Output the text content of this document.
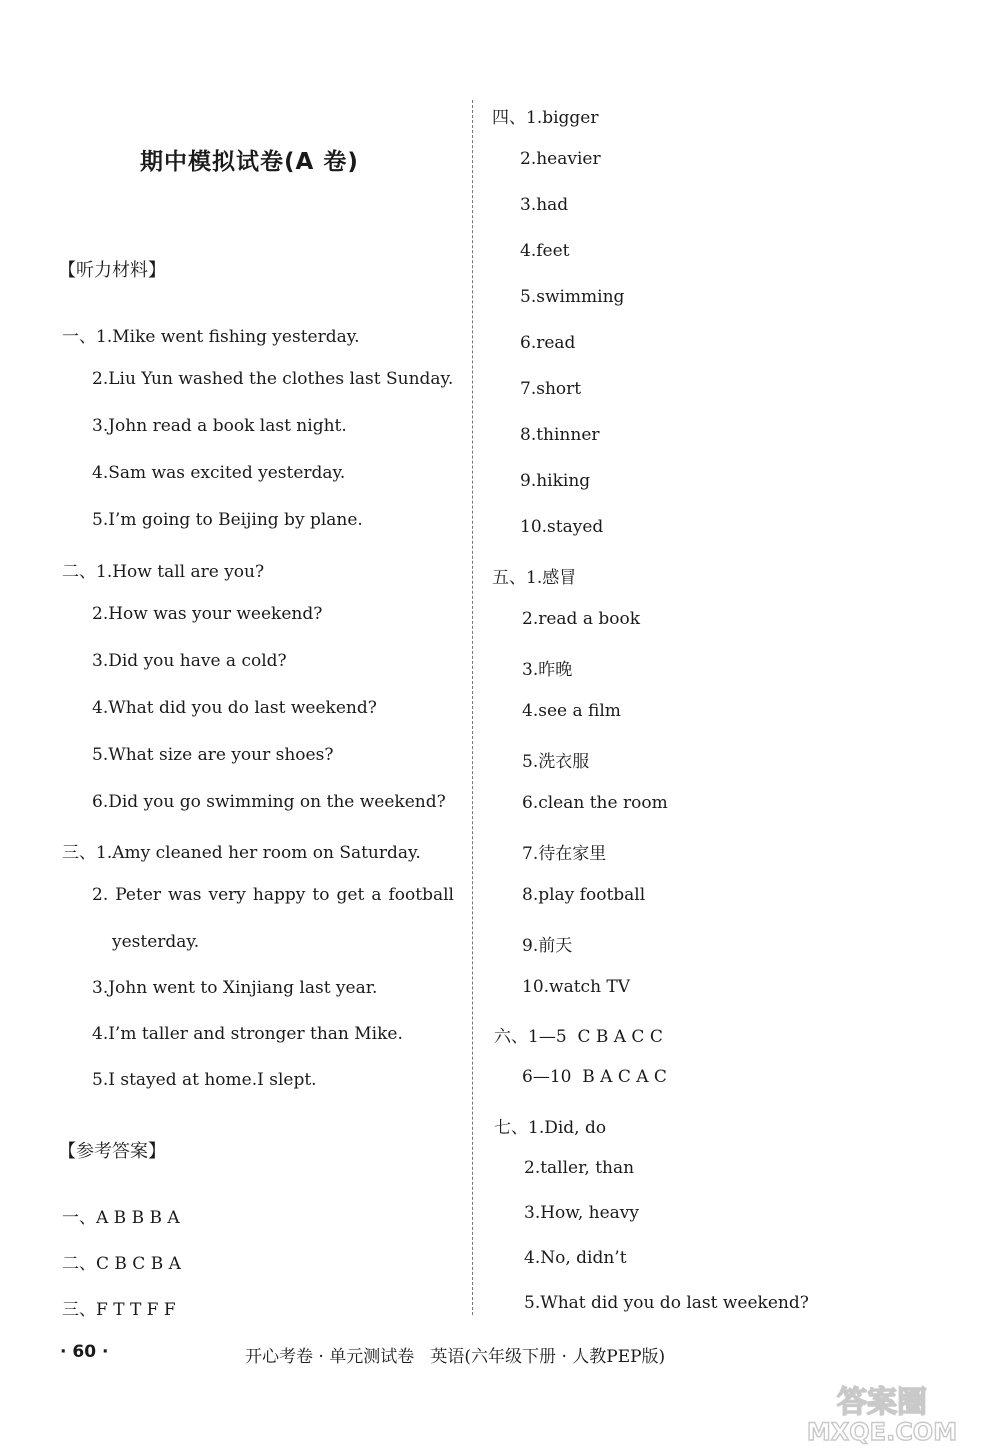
期中模拟试卷(A 卷)
【听力材料】
一、1.Mike went fishing yesterday.
2.Liu Yun washed the clothes last Sunday.
3.John read a book last night.
4.Sam was excited yesterday.
5.I’m going to Beijing by plane.
二、1.How tall are you?
2.How was your weekend?
3.Did you have a cold?
4.What did you do last weekend?
5.What size are your shoes?
6.Did you go swimming on the weekend?
三、1.Amy cleaned her room on Saturday.
2. Peter was very happy to get a football
yesterday.
3.John went to Xinjiang last year.
4.I’m taller and stronger than Mike.
5.I stayed at home.I slept.
【参考答案】
一、A B B B A
二、C B C B A
三、F T T F F
四、1.bigger
2.heavier
3.had
4.feet
5.swimming
6.read
7.short
8.thinner
9.hiking
10.stayed
五、1.感冒
2.read a book
3.昨晚
4.see a film
5.洗衣服
6.clean the room
7.待在家里
8.play football
9.前天
10.watch TV
六、1—5  C B A C C
6—10  B A C A C
七、1.Did, do
2.taller, than
3.How, heavy
4.No, didn’t
5.What did you do last weekend?
· 60 ·	开心考卷 · 单元测试卷   英语(六年级下册 · 人教PEP版)
答案圈
MXQE.COM
